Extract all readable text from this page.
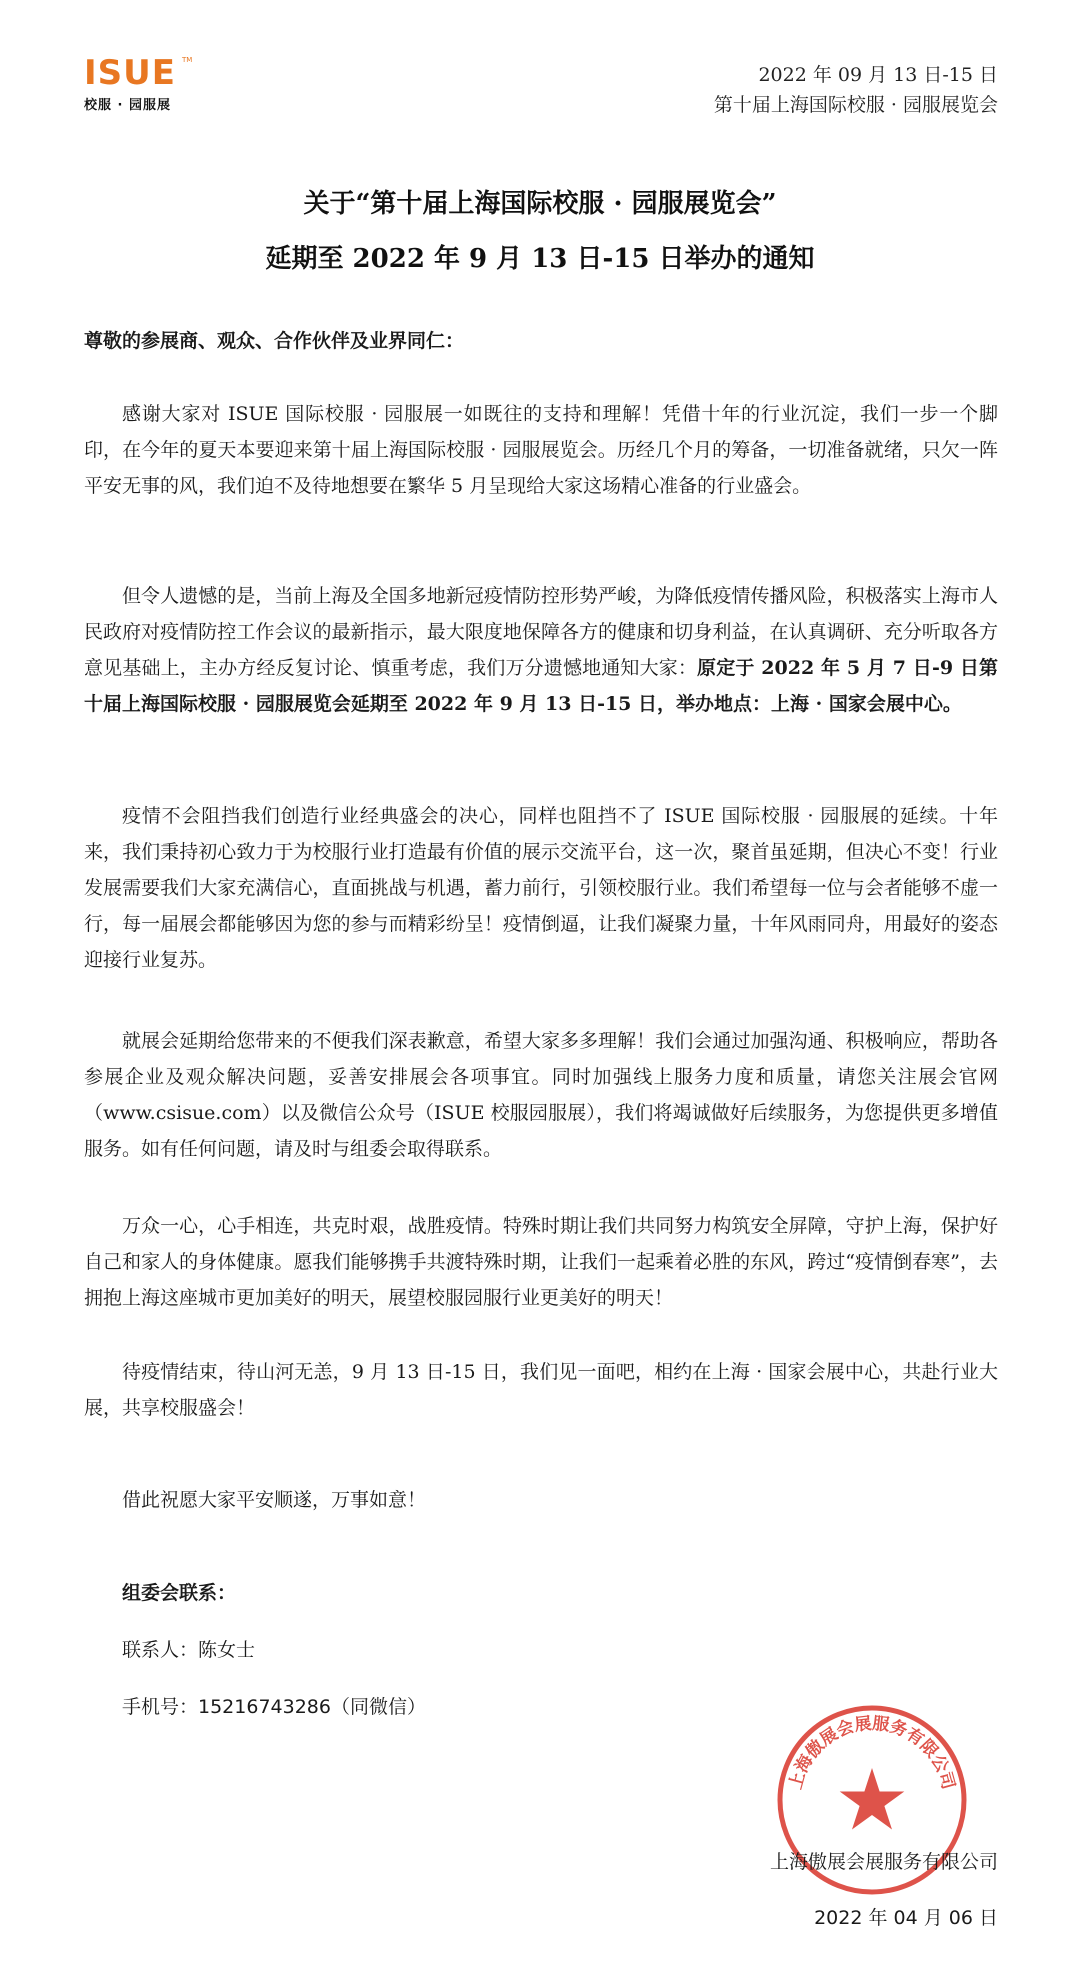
ISUE TM
校服 · 园服展
2022 年 09 月 13 日-15 日
第十届上海国际校服 · 园服展览会
关于“第十届上海国际校服 · 园服展览会”
延期至 2022 年 9 月 13 日-15 日举办的通知
尊敬的参展商、观众、合作伙伴及业界同仁：

感谢大家对 ISUE 国际校服 · 园服展一如既往的支持和理解！凭借十年的行业沉淀，我们一步一个脚印，在今年的夏天本要迎来第十届上海国际校服 · 园服展览会。历经几个月的筹备，一切准备就绪，只欠一阵平安无事的风，我们迫不及待地想要在繁华 5 月呈现给大家这场精心准备的行业盛会。

但令人遗憾的是，当前上海及全国多地新冠疫情防控形势严峻，为降低疫情传播风险，积极落实上海市人民政府对疫情防控工作会议的最新指示，最大限度地保障各方的健康和切身利益，在认真调研、充分听取各方意见基础上，主办方经反复讨论、慎重考虑，我们万分遗憾地通知大家：原定于 2022 年 5 月 7 日-9 日第十届上海国际校服 · 园服展览会延期至 2022 年 9 月 13 日-15 日，举办地点：上海 · 国家会展中心。

疫情不会阻挡我们创造行业经典盛会的决心，同样也阻挡不了 ISUE 国际校服 · 园服展的延续。十年来，我们秉持初心致力于为校服行业打造最有价值的展示交流平台，这一次，聚首虽延期，但决心不变！行业发展需要我们大家充满信心，直面挑战与机遇，蓄力前行，引领校服行业。我们希望每一位与会者能够不虚一行，每一届展会都能够因为您的参与而精彩纷呈！疫情倒逼，让我们凝聚力量，十年风雨同舟，用最好的姿态迎接行业复苏。

就展会延期给您带来的不便我们深表歉意，希望大家多多理解！我们会通过加强沟通、积极响应，帮助各参展企业及观众解决问题，妥善安排展会各项事宜。同时加强线上服务力度和质量，请您关注展会官网（www.csisue.com）以及微信公众号（ISUE 校服园服展），我们将竭诚做好后续服务，为您提供更多增值服务。如有任何问题，请及时与组委会取得联系。

万众一心，心手相连，共克时艰，战胜疫情。特殊时期让我们共同努力构筑安全屏障，守护上海，保护好自己和家人的身体健康。愿我们能够携手共渡特殊时期，让我们一起乘着必胜的东风，跨过“疫情倒春寒”，去拥抱上海这座城市更加美好的明天，展望校服园服行业更美好的明天！

待疫情结束，待山河无恙，9 月 13 日-15 日，我们见一面吧，相约在上海 · 国家会展中心，共赴行业大展，共享校服盛会！

借此祝愿大家平安顺遂，万事如意！

组委会联系：
联系人：陈女士
手机号：15216743286（同微信）
上海傲展会展服务有限公司
上海傲展会展服务有限公司
2022 年 04 月 06 日
